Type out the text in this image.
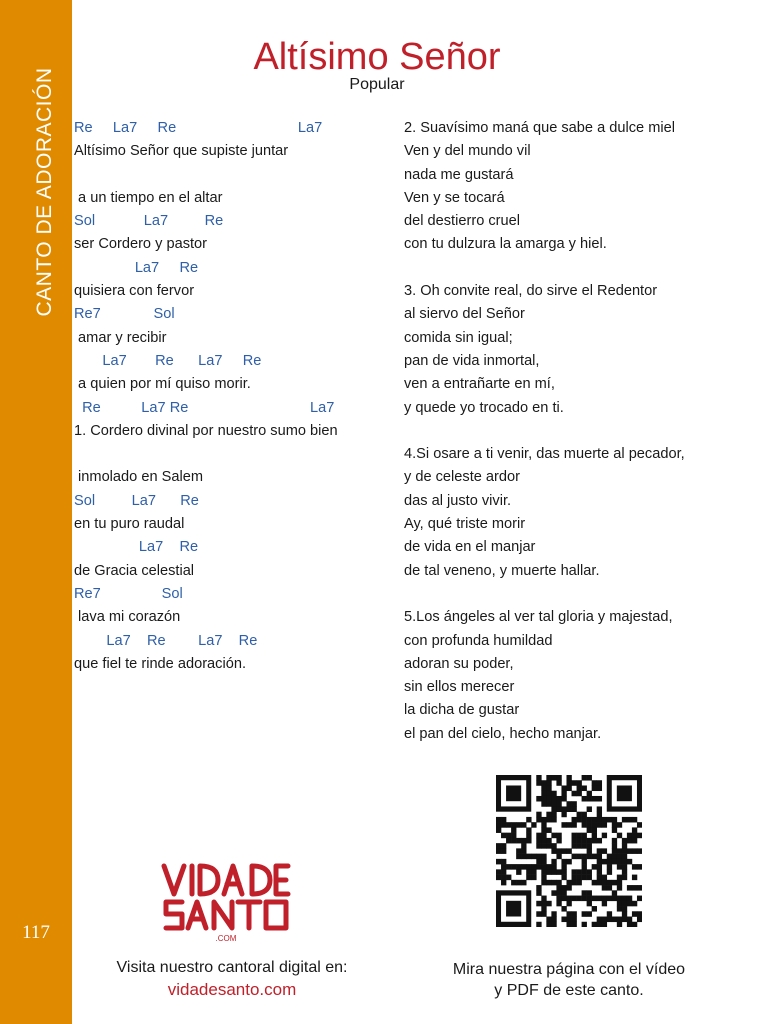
CANTO DE ADORACIÓN
117
Altísimo Señor
Popular
Re     La7     Re                              La7
Altísimo Señor que supiste juntar
a un tiempo en el altar
Sol            La7         Re
ser Cordero y pastor
La7     Re
quisiera con fervor
Re7             Sol
amar y recibir
La7       Re      La7     Re
a quien por mí quiso morir.
Re          La7 Re                              La7
1. Cordero divinal por nuestro sumo bien
inmolado en Salem
Sol         La7      Re
en tu puro raudal
La7    Re
de Gracia celestial
Re7               Sol
lava mi corazón
La7    Re        La7    Re
que fiel te rinde adoración.
2. Suavísimo maná que sabe a dulce miel
Ven y del mundo vil
nada me gustará
Ven y se tocará
del destierro cruel
con tu dulzura la amarga y hiel.
3. Oh convite real, do sirve el Redentor
al siervo del Señor
comida sin igual;
pan de vida inmortal,
ven a entrañarte en mí,
y quede yo trocado en ti.
4.Si osare a ti venir, das muerte al pecador,
y de celeste ardor
das al justo vivir.
Ay, qué triste morir
de vida en el manjar
de tal veneno, y muerte hallar.
5.Los ángeles al ver tal gloria y majestad,
con profunda humildad
adoran su poder,
sin ellos merecer
la dicha de gustar
el pan del cielo, hecho manjar.
.COM
Visita nuestro cantoral digital en:
vidadesanto.com
Mira nuestra página con el vídeo
y PDF de este canto.
